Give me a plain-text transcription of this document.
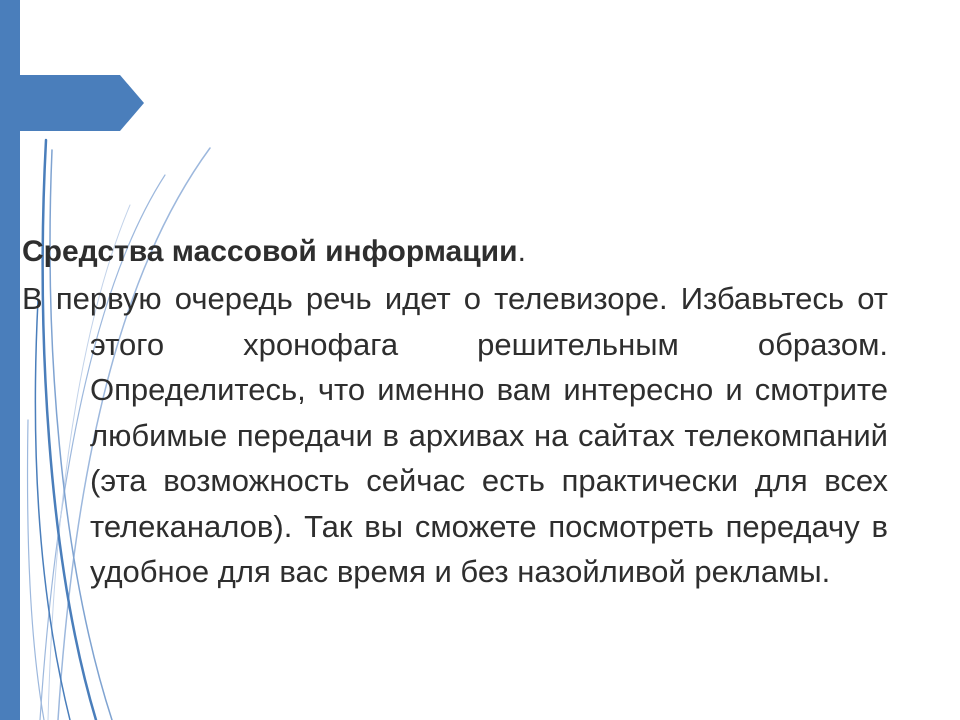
Средства массовой информации.

В первую очередь речь идет о телевизоре. Избавьтесь от этого хронофага решительным образом. Определитесь, что именно вам интересно и смотрите любимые передачи в архивах на сайтах телекомпаний (эта возможность сейчас есть практически для всех телеканалов). Так вы сможете посмотреть передачу в удобное для вас время и без назойливой рекламы.
